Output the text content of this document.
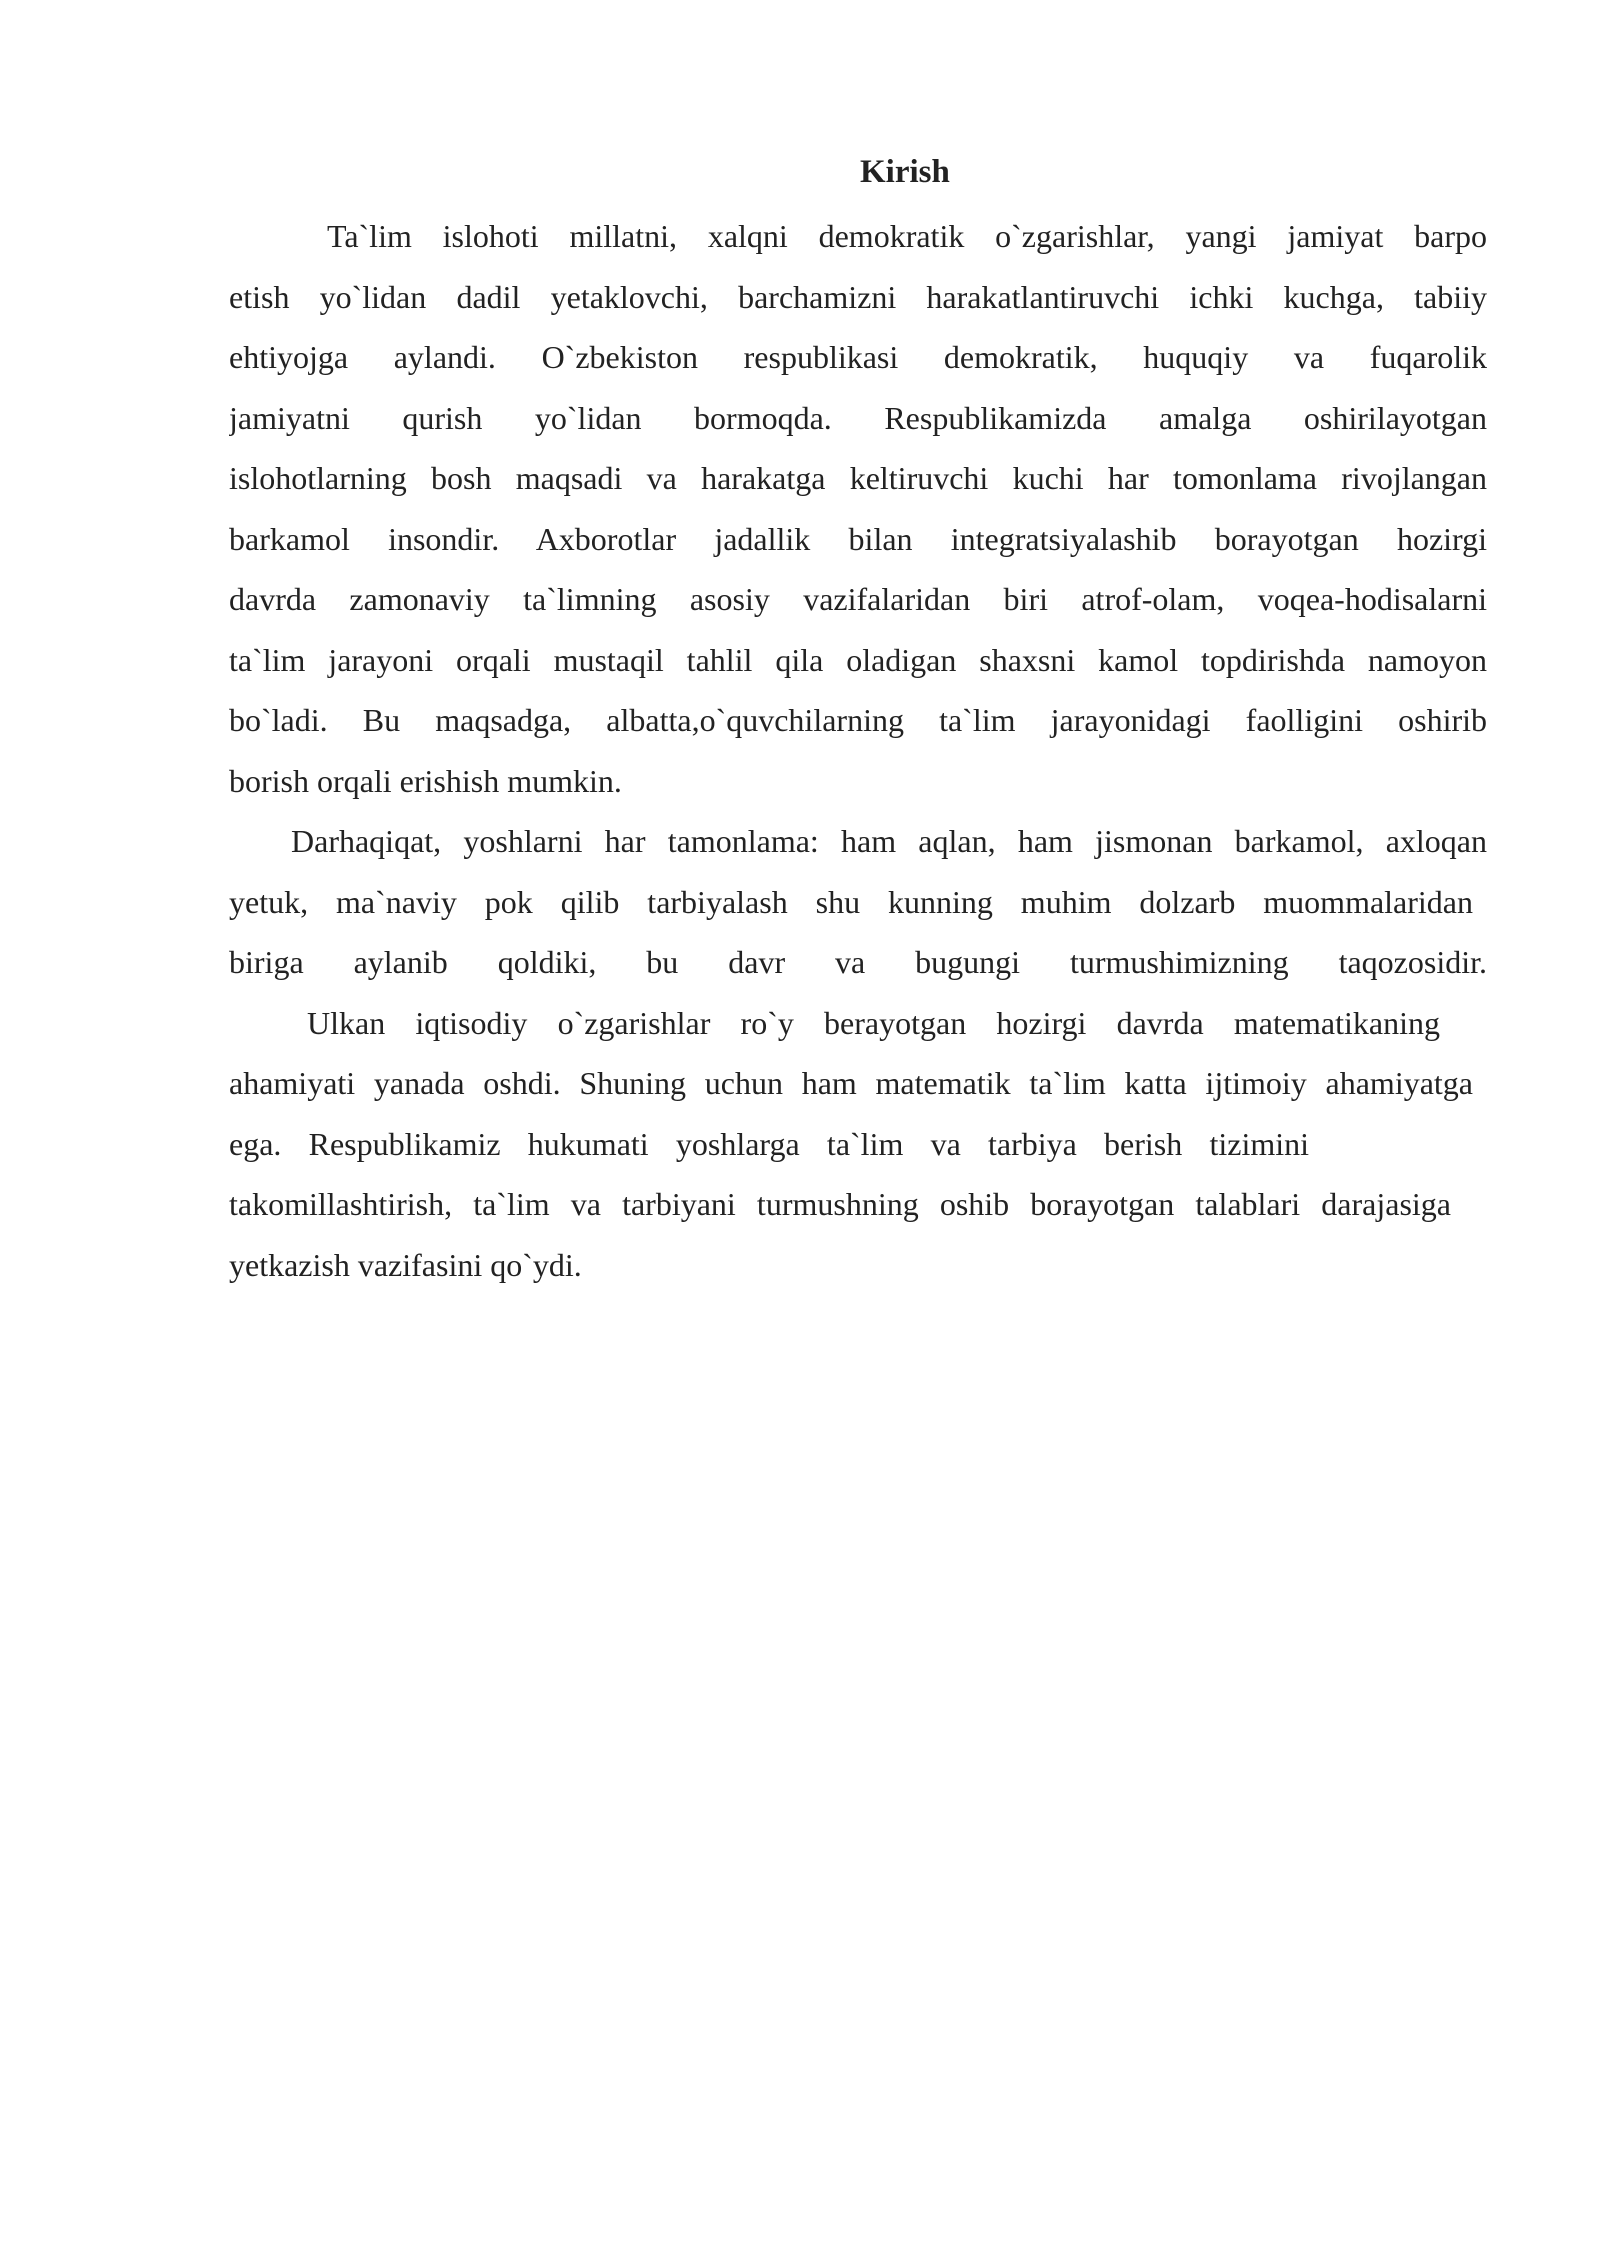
Kirish
Ta`lim islohoti millatni, xalqni demokratik o`zgarishlar, yangi jamiyat barpo
etish yo`lidan dadil yetaklovchi, barchamizni harakatlantiruvchi ichki kuchga, tabiiy
ehtiyojga aylandi. O`zbekiston respublikasi demokratik, huquqiy va fuqarolik
jamiyatni qurish yo`lidan bormoqda. Respublikamizda amalga oshirilayotgan
islohotlarning bosh maqsadi va harakatga keltiruvchi kuchi har tomonlama rivojlangan
barkamol insondir. Axborotlar jadallik bilan integratsiyalashib borayotgan hozirgi
davrda zamonaviy ta`limning asosiy vazifalaridan biri atrof-olam, voqea-hodisalarni
ta`lim jarayoni orqali mustaqil tahlil qila oladigan shaxsni kamol topdirishda namoyon
bo`ladi. Bu maqsadga, albatta,o`quvchilarning ta`lim jarayonidagi faolligini oshirib
borish orqali erishish mumkin.
Darhaqiqat, yoshlarni har tamonlama: ham aqlan, ham jismonan barkamol, axloqan
yetuk, ma`naviy pok qilib tarbiyalash shu kunning muhim dolzarb muommalaridan
biriga aylanib qoldiki, bu davr va bugungi turmushimizning taqozosidir.
Ulkan iqtisodiy o`zgarishlar ro`y berayotgan hozirgi davrda matematikaning
ahamiyati yanada oshdi. Shuning uchun ham matematik ta`lim katta ijtimoiy ahamiyatga
ega. Respublikamiz hukumati yoshlarga ta`lim va tarbiya berish tizimini
takomillashtirish, ta`lim va tarbiyani turmushning oshib borayotgan talablari darajasiga
yetkazish vazifasini qo`ydi.
